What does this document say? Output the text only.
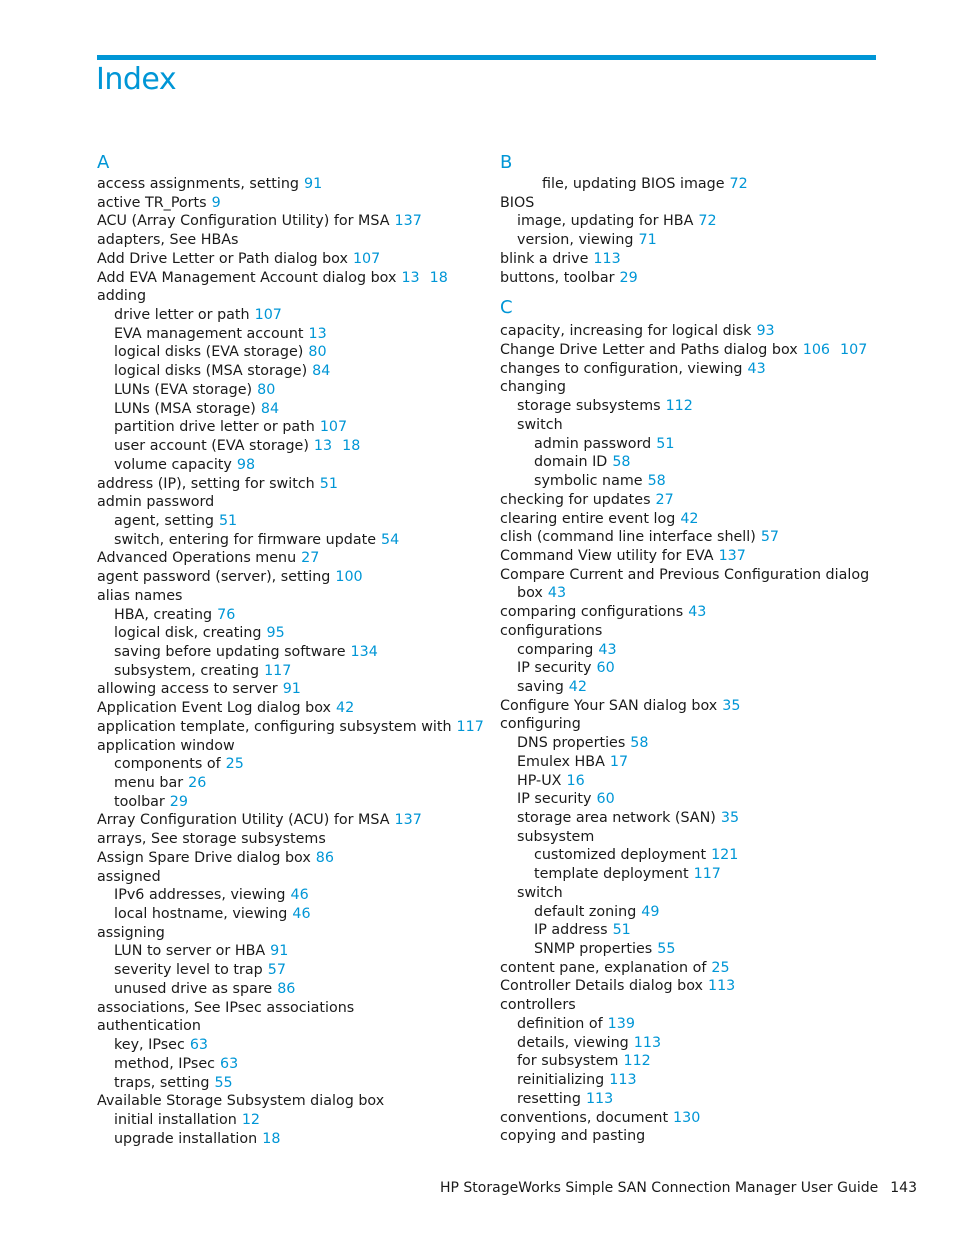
Index
A
access assignments, setting 91
active TR_Ports 9
ACU (Array Configuration Utility) for MSA 137
adapters, See HBAs
Add Drive Letter or Path dialog box 107
Add EVA Management Account dialog box 13 18
adding
drive letter or path 107
EVA management account 13
logical disks (EVA storage) 80
logical disks (MSA storage) 84
LUNs (EVA storage) 80
LUNs (MSA storage) 84
partition drive letter or path 107
user account (EVA storage) 13 18
volume capacity 98
address (IP), setting for switch 51
admin password
agent, setting 51
switch, entering for firmware update 54
Advanced Operations menu 27
agent password (server), setting 100
alias names
HBA, creating 76
logical disk, creating 95
saving before updating software 134
subsystem, creating 117
allowing access to server 91
Application Event Log dialog box 42
application template, configuring subsystem with 117
application window
components of 25
menu bar 26
toolbar 29
Array Configuration Utility (ACU) for MSA 137
arrays, See storage subsystems
Assign Spare Drive dialog box 86
assigned
IPv6 addresses, viewing 46
local hostname, viewing 46
assigning
LUN to server or HBA 91
severity level to trap 57
unused drive as spare 86
associations, See IPsec associations
authentication
key, IPsec 63
method, IPsec 63
traps, setting 55
Available Storage Subsystem dialog box
initial installation 12
upgrade installation 18
B
file, updating BIOS image 72
BIOS
image, updating for HBA 72
version, viewing 71
blink a drive 113
buttons, toolbar 29
C
capacity, increasing for logical disk 93
Change Drive Letter and Paths dialog box 106 107
changes to configuration, viewing 43
changing
storage subsystems 112
switch
admin password 51
domain ID 58
symbolic name 58
checking for updates 27
clearing entire event log 42
clish (command line interface shell) 57
Command View utility for EVA 137
Compare Current and Previous Configuration dialog
box 43
comparing configurations 43
configurations
comparing 43
IP security 60
saving 42
Configure Your SAN dialog box 35
configuring
DNS properties 58
Emulex HBA 17
HP-UX 16
IP security 60
storage area network (SAN) 35
subsystem
customized deployment 121
template deployment 117
switch
default zoning 49
IP address 51
SNMP properties 55
content pane, explanation of 25
Controller Details dialog box 113
controllers
definition of 139
details, viewing 113
for subsystem 112
reinitializing 113
resetting 113
conventions, document 130
copying and pasting
HP StorageWorks Simple SAN Connection Manager User Guide 143
